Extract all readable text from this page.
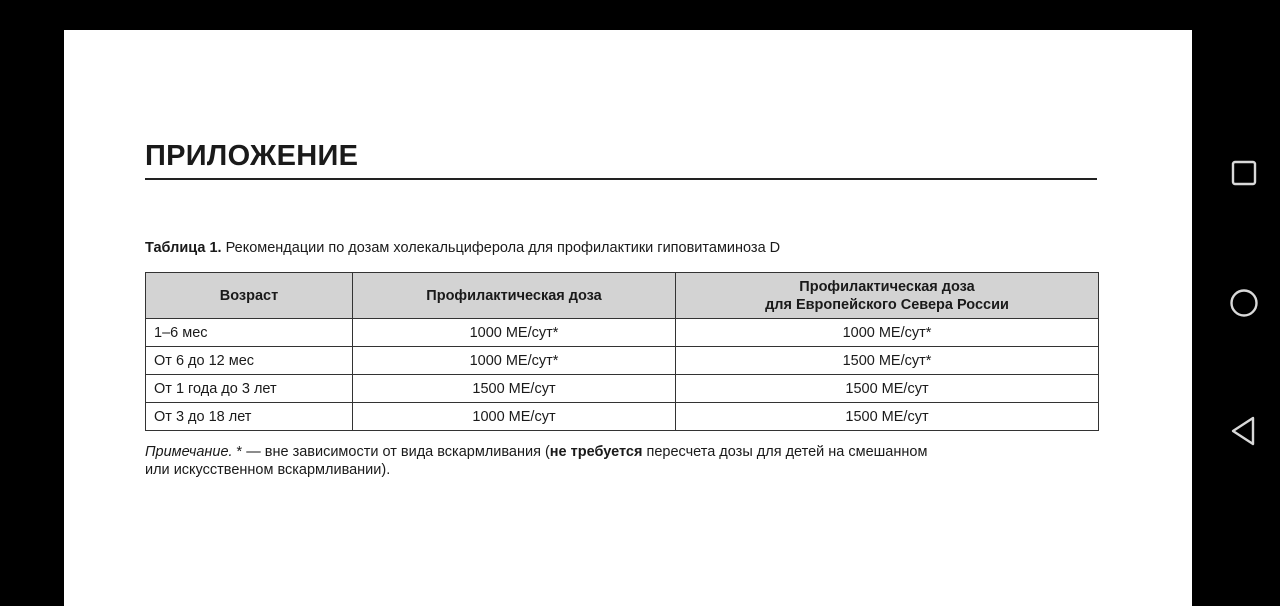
ПРИЛОЖЕНИЕ
Таблица 1. Рекомендации по дозам холекальциферола для профилактики гиповитаминоза D
Возраст	Профилактическая доза	Профилактическая доза
для Европейского Севера России
1–6 мес	1000 МЕ/сут*	1000 МЕ/сут*
От 6 до 12 мес	1000 МЕ/сут*	1500 МЕ/сут*
От 1 года до 3 лет	1500 МЕ/сут	1500 МЕ/сут
От 3 до 18 лет	1000 МЕ/сут	1500 МЕ/сут
Примечание. * — вне зависимости от вида вскармливания (не требуется пересчета дозы для детей на смешанном
или искусственном вскармливании).
